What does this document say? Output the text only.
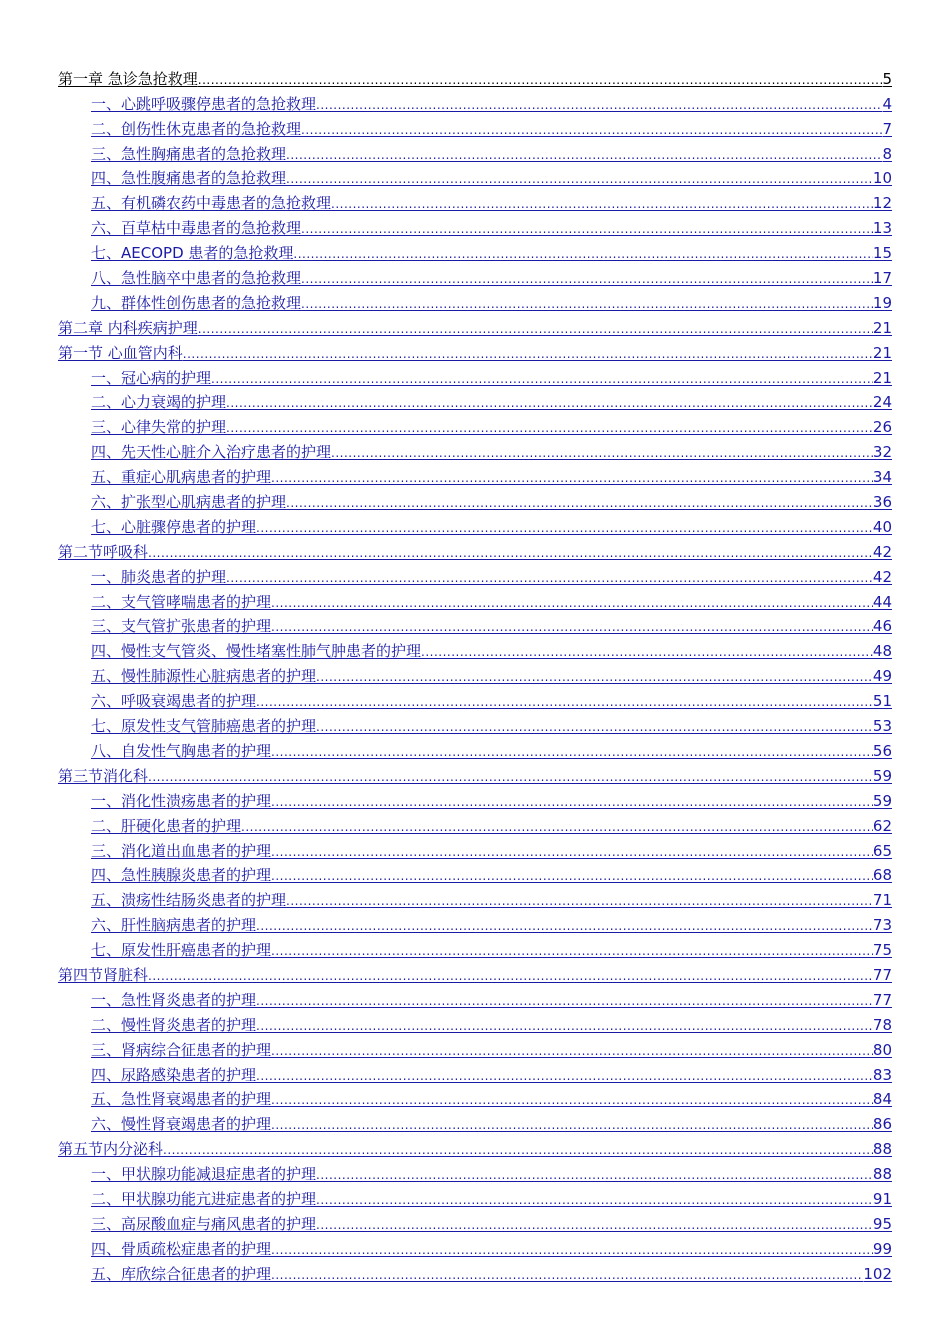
第一章 急诊急抢救理 .....	5
一、心跳呼吸骤停患者的急抢救理 .....	4
二、创伤性休克患者的急抢救理 .....	7
三、急性胸痛患者的急抢救理 .....	8
四、急性腹痛患者的急抢救理 .....	10
五、有机磷农药中毒患者的急抢救理 .....	12
六、百草枯中毒患者的急抢救理 .....	13
七、AECOPD 患者的急抢救理 .....	15
八、急性脑卒中患者的急抢救理 .....	17
九、群体性创伤患者的急抢救理 .....	19
第二章 内科疾病护理 .....	21
第一节 心血管内科 .....	21
一、冠心病的护理 .....	21
二、心力衰竭的护理 .....	24
三、心律失常的护理 .....	26
四、先天性心脏介入治疗患者的护理 .....	32
五、重症心肌病患者的护理 .....	34
六、扩张型心肌病患者的护理 .....	36
七、心脏骤停患者的护理 .....	40
第二节呼吸科 .....	42
一、肺炎患者的护理 .....	42
二、支气管哮喘患者的护理 .....	44
三、支气管扩张患者的护理 .....	46
四、慢性支气管炎、慢性堵塞性肺气肿患者的护理 .....	48
五、慢性肺源性心脏病患者的护理 .....	49
六、呼吸衰竭患者的护理 .....	51
七、原发性支气管肺癌患者的护理 .....	53
八、自发性气胸患者的护理 .....	56
第三节消化科 .....	59
一、消化性溃疡患者的护理 .....	59
二、肝硬化患者的护理 .....	62
三、消化道出血患者的护理 .....	65
四、急性胰腺炎患者的护理 .....	68
五、溃疡性结肠炎患者的护理 .....	71
六、肝性脑病患者的护理 .....	73
七、原发性肝癌患者的护理 .....	75
第四节肾脏科 .....	77
一、急性肾炎患者的护理 .....	77
二、慢性肾炎患者的护理 .....	78
三、肾病综合征患者的护理 .....	80
四、尿路感染患者的护理 .....	83
五、急性肾衰竭患者的护理 .....	84
六、慢性肾衰竭患者的护理 .....	86
第五节内分泌科 .....	88
一、甲状腺功能减退症患者的护理 .....	88
二、甲状腺功能亢进症患者的护理 .....	91
三、高尿酸血症与痛风患者的护理 .....	95
四、骨质疏松症患者的护理 .....	99
五、库欣综合征患者的护理 .....	102
